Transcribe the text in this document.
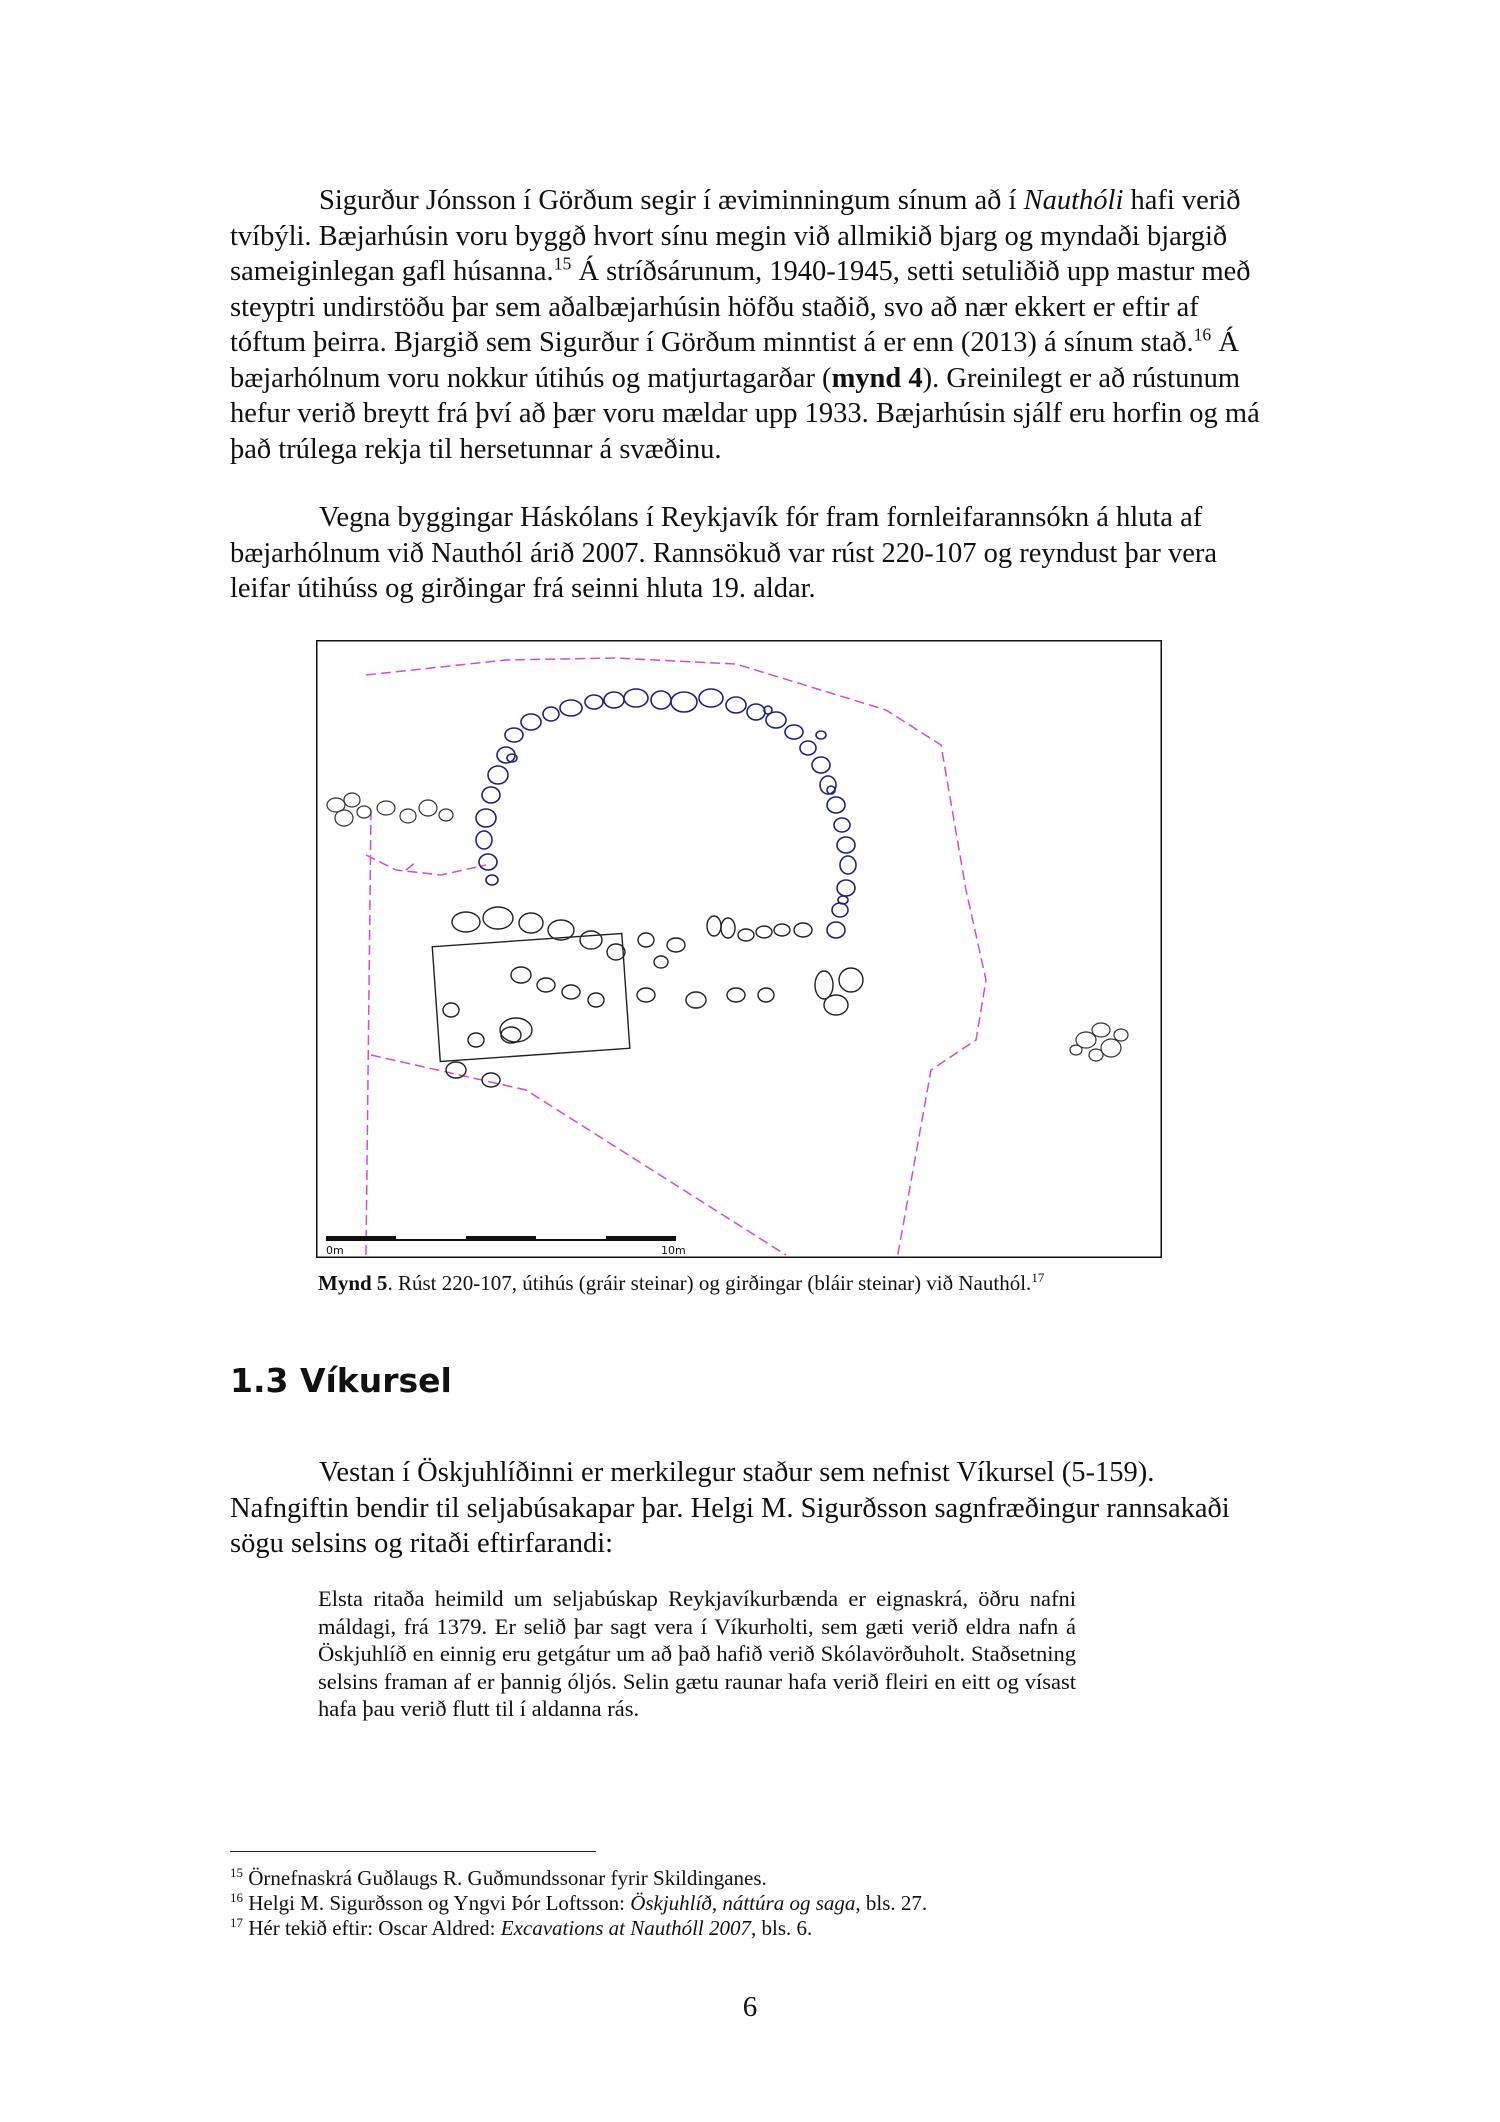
Sigurður Jónsson í Görðum segir í æviminningum sínum að í Nauthóli hafi verið tvíbýli. Bæjarhúsin voru byggð hvort sínu megin við allmikið bjarg og myndaði bjargið sameiginlegan gafl húsanna.$^{15}$ Á stríðsárunum, 1940-1945, setti setuliðið upp mastur með steyptri undirstöðu þar sem aðalbæjarhúsin höfðu staðið, svo að nær ekkert er eftir af tóftum þeirra. Bjargið sem Sigurður í Görðum minntist á er enn (2013) á sínum stað.$^{16}$ Á bæjarhólnum voru nokkur útihús og matjurtagarðar (mynd 4). Greinilegt er að rústunum hefur verið breytt frá því að þær voru mældar upp 1933. Bæjarhúsin sjálf eru horfin og má það trúlega rekja til hersetunnar á svæðinu.

Vegna byggingar Háskólans í Reykjavík fór fram fornleifarannsókn á hluta af bæjarhólnum við Nauthól árið 2007. Rannsökuð var rúst 220-107 og reyndust þar vera leifar útihúss og girðingar frá seinni hluta 19. aldar.

0m	10m
Mynd 5. Rúst 220-107, útihús (gráir steinar) og girðingar (bláir steinar) við Nauthól.$^{17}$
1.3 Víkursel

Vestan í Öskjuhlíðinni er merkilegur staður sem nefnist Víkursel (5-159). Nafngiftin bendir til seljabúsakapar þar. Helgi M. Sigurðsson sagnfræðingur rannsakaði sögu selsins og ritaði eftirfarandi:

Elsta ritaða heimild um seljabúskap Reykjavíkurbænda er eignaskrá, öðru nafni máldagi, frá 1379. Er selið þar sagt vera í Víkurholti, sem gæti verið eldra nafn á Öskjuhlíð en einnig eru getgátur um að það hafið verið Skólavörðuholt. Staðsetning selsins framan af er þannig óljós. Selin gætu raunar hafa verið fleiri en eitt og vísast hafa þau verið flutt til í aldanna rás.

$^{15}$ Örnefnaskrá Guðlaugs R. Guðmundssonar fyrir Skildinganes.

$^{16}$ Helgi M. Sigurðsson og Yngvi Þór Loftsson: Öskjuhlíð, náttúra og saga, bls. 27.

$^{17}$ Hér tekið eftir: Oscar Aldred: Excavations at Nauthóll 2007, bls. 6.

6
